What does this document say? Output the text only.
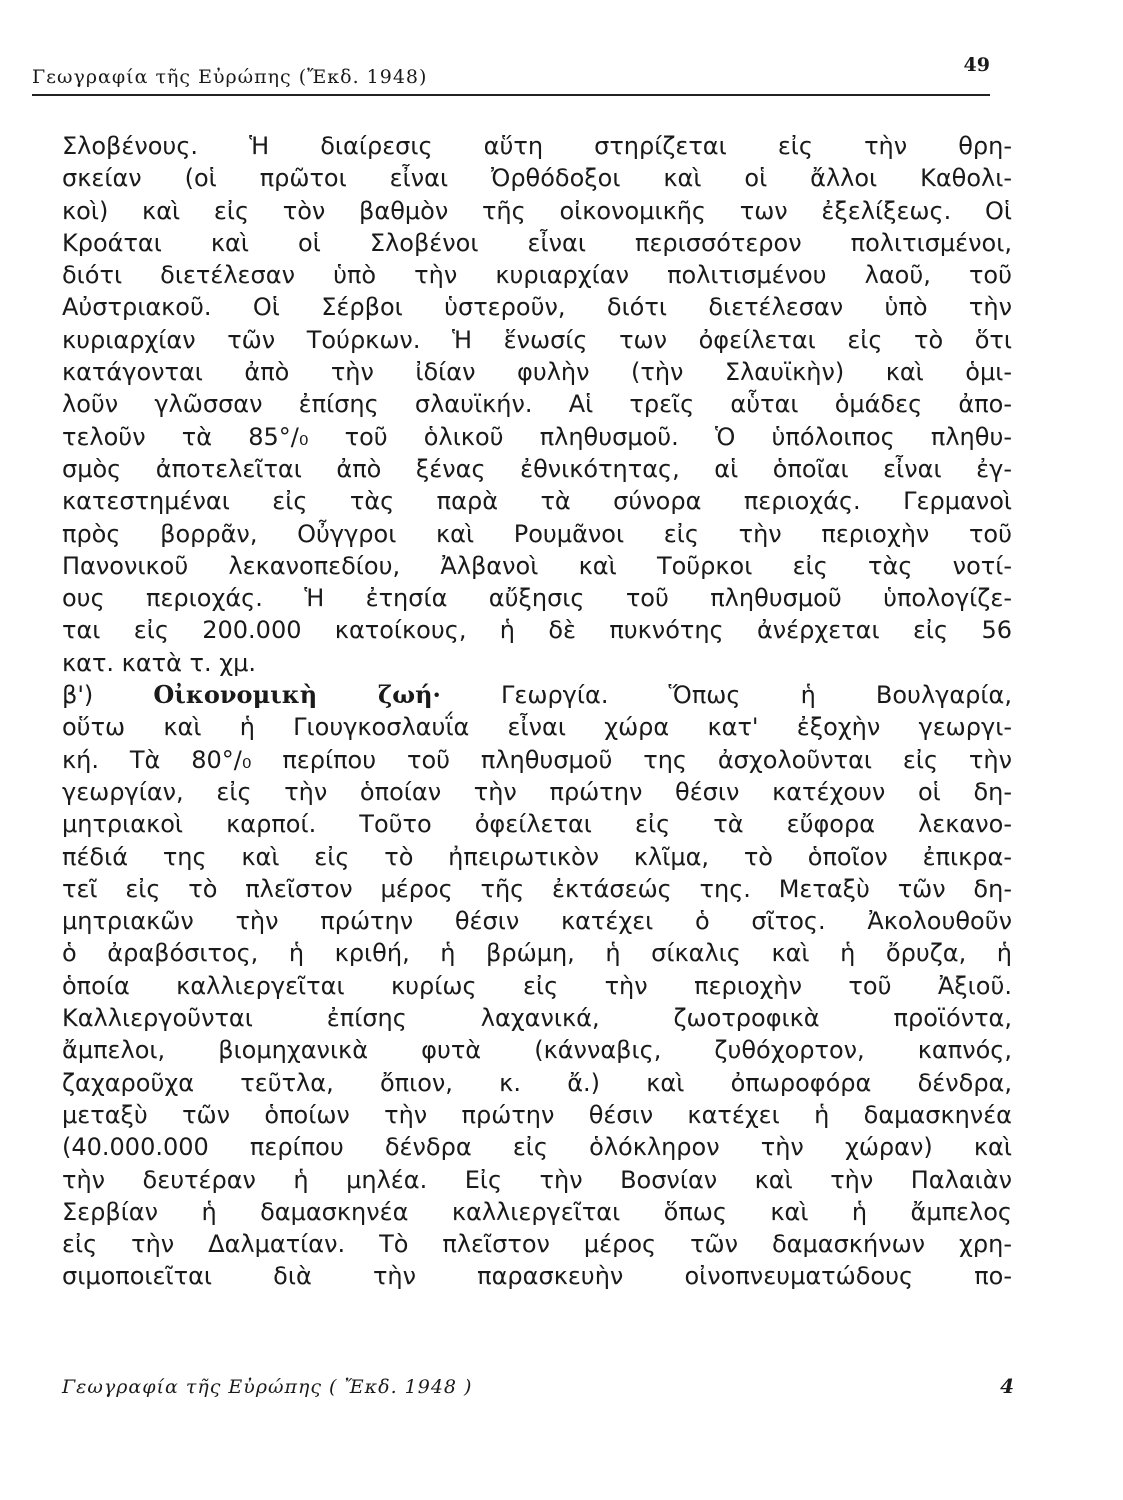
Γεωγραφία τῆς Εὐρώπης (Ἔκδ. 1948)
49
Σλοβένους. Ἡ διαίρεσις αὕτη στηρίζεται εἰς τὴν θρη-
σκείαν (οἱ πρῶτοι εἶναι Ὀρθόδοξοι καὶ οἱ ἄλλοι Καθολι-
κοὶ) καὶ εἰς τὸν βαθμὸν τῆς οἰκονομικῆς των ἐξελίξεως. Οἱ
Κροάται καὶ οἱ Σλοβένοι εἶναι περισσότερον πολιτισμένοι,
διότι διετέλεσαν ὑπὸ τὴν κυριαρχίαν πολιτισμένου λαοῦ, τοῦ
Αὐστριακοῦ. Οἱ Σέρβοι ὑστεροῦν, διότι διετέλεσαν ὑπὸ τὴν
κυριαρχίαν τῶν Τούρκων. Ἡ ἕνωσίς των ὀφείλεται εἰς τὸ ὅτι
κατάγονται ἀπὸ τὴν ἰδίαν φυλὴν (τὴν Σλαυϊκὴν) καὶ ὁμι-
λοῦν γλῶσσαν ἐπίσης σλαυϊκήν. Αἱ τρεῖς αὗται ὁμάδες ἀπο-
τελοῦν τὰ 85°/₀ τοῦ ὁλικοῦ πληθυσμοῦ. Ὁ ὑπόλοιπος πληθυ-
σμὸς ἀποτελεῖται ἀπὸ ξένας ἐθνικότητας, αἱ ὁποῖαι εἶναι ἐγ-
κατεστημέναι εἰς τὰς παρὰ τὰ σύνορα περιοχάς. Γερμανοὶ
πρὸς βορρᾶν, Οὖγγροι καὶ Ρουμᾶνοι εἰς τὴν περιοχὴν τοῦ
Πανονικοῦ λεκανοπεδίου, Ἀλβανοὶ καὶ Τοῦρκοι εἰς τὰς νοτί-
ους περιοχάς. Ἡ ἐτησία αὔξησις τοῦ πληθυσμοῦ ὑπολογίζε-
ται εἰς 200.000 κατοίκους, ἡ δὲ πυκνότης ἀνέρχεται εἰς 56
κατ. κατὰ τ. χμ.
β')	Οἰκονομικὴ ζωή·	Γεωργία. Ὅπως ἡ Βουλγαρία,
οὕτω καὶ ἡ Γιουγκοσλαυΐα εἶναι χώρα κατ' ἐξοχὴν γεωργι-
κή. Τὰ 80°/₀ περίπου τοῦ πληθυσμοῦ της ἀσχολοῦνται εἰς τὴν
γεωργίαν, εἰς τὴν ὁποίαν τὴν πρώτην θέσιν κατέχουν οἱ δη-
μητριακοὶ καρποί. Τοῦτο ὀφείλεται εἰς τὰ εὔφορα λεκανο-
πέδιά της καὶ εἰς τὸ ἠπειρωτικὸν κλῖμα, τὸ ὁποῖον ἐπικρα-
τεῖ εἰς τὸ πλεῖστον μέρος τῆς ἐκτάσεώς της. Μεταξὺ τῶν δη-
μητριακῶν τὴν πρώτην θέσιν κατέχει ὁ σῖτος. Ἀκολουθοῦν
ὁ ἀραβόσιτος, ἡ κριθή, ἡ βρώμη, ἡ σίκαλις καὶ ἡ ὄρυζα, ἡ
ὁποία καλλιεργεῖται κυρίως εἰς τὴν περιοχὴν τοῦ Ἀξιοῦ.
Καλλιεργοῦνται ἐπίσης λαχανικά, ζωοτροφικὰ προϊόντα,
ἄμπελοι, βιομηχανικὰ φυτὰ (κάνναβις, ζυθόχορτον, καπνός,
ζαχαροῦχα τεῦτλα, ὄπιον, κ. ἄ.) καὶ ὀπωροφόρα δένδρα,
μεταξὺ τῶν ὁποίων τὴν πρώτην θέσιν κατέχει ἡ δαμασκηνέα
(40.000.000 περίπου δένδρα εἰς ὁλόκληρον τὴν χώραν) καὶ
τὴν δευτέραν ἡ μηλέα. Εἰς τὴν Βοσνίαν καὶ τὴν Παλαιὰν
Σερβίαν ἡ δαμασκηνέα καλλιεργεῖται ὅπως καὶ ἡ ἄμπελος
εἰς τὴν Δαλματίαν. Τὸ πλεῖστον μέρος τῶν δαμασκήνων χρη-
σιμοποιεῖται διὰ τὴν παρασκευὴν οἰνοπνευματώδους πο-
Γεωγραφία τῆς Εὐρώπης ( Ἔκδ. 1948 )	4
